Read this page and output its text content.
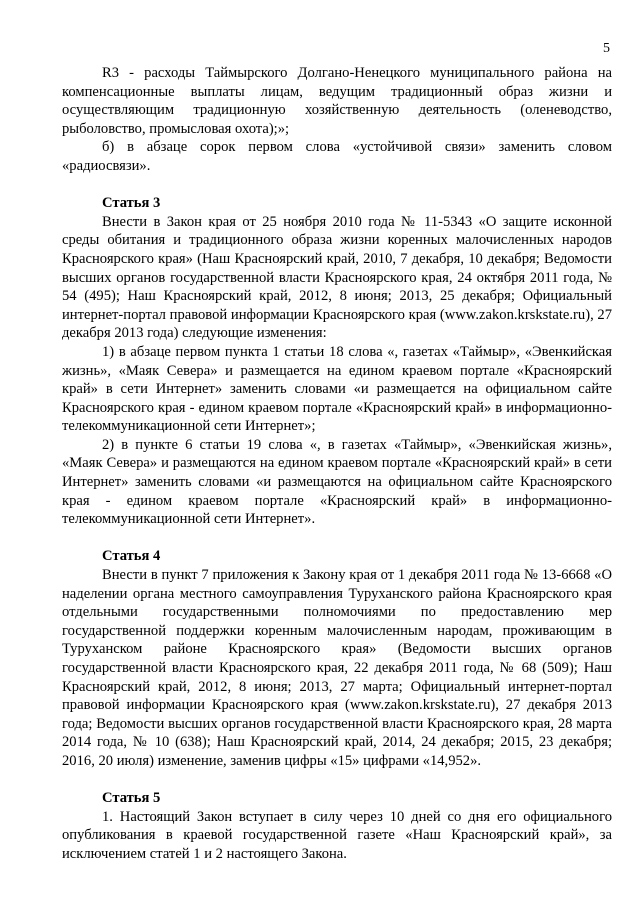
5

R3 - расходы Таймырского Долгано-Ненецкого муниципального района на компенсационные выплаты лицам, ведущим традиционный образ жизни и осуществляющим традиционную хозяйственную деятельность (оленеводство, рыболовство, промысловая охота);»;

б) в абзаце сорок первом слова «устойчивой связи» заменить словом «радиосвязи».

Статья 3

Внести в Закон края от 25 ноября 2010 года № 11-5343 «О защите исконной среды обитания и традиционного образа жизни коренных малочисленных народов Красноярского края» (Наш Красноярский край, 2010, 7 декабря, 10 декабря; Ведомости высших органов государственной власти Красноярского края, 24 октября 2011 года, № 54 (495); Наш Красноярский край, 2012, 8 июня; 2013, 25 декабря; Официальный интернет-портал правовой информации Красноярского края (www.zakon.krskstate.ru), 27 декабря 2013 года) следующие изменения:

1) в абзаце первом пункта 1 статьи 18 слова «, газетах «Таймыр», «Эвенкийская жизнь», «Маяк Севера» и размещается на едином краевом портале «Красноярский край» в сети Интернет» заменить словами «и размещается на официальном сайте Красноярского края - едином краевом портале «Красноярский край» в информационно-телекоммуникационной сети Интернет»;

2) в пункте 6 статьи 19 слова «, в газетах «Таймыр», «Эвенкийская жизнь», «Маяк Севера» и размещаются на едином краевом портале «Красноярский край» в сети Интернет» заменить словами «и размещаются на официальном сайте Красноярского края - едином краевом портале «Красноярский край» в информационно-телекоммуникационной сети Интернет».

Статья 4

Внести в пункт 7 приложения к Закону края от 1 декабря 2011 года № 13-6668 «О наделении органа местного самоуправления Туруханского района Красноярского края отдельными государственными полномочиями по предоставлению мер государственной поддержки коренным малочисленным народам, проживающим в Туруханском районе Красноярского края» (Ведомости высших органов государственной власти Красноярского края, 22 декабря 2011 года, № 68 (509); Наш Красноярский край, 2012, 8 июня; 2013, 27 марта; Официальный интернет-портал правовой информации Красноярского края (www.zakon.krskstate.ru), 27 декабря 2013 года; Ведомости высших органов государственной власти Красноярского края, 28 марта 2014 года, № 10 (638); Наш Красноярский край, 2014, 24 декабря; 2015, 23 декабря; 2016, 20 июля) изменение, заменив цифры «15» цифрами «14,952».

Статья 5

1. Настоящий Закон вступает в силу через 10 дней со дня его официального опубликования в краевой государственной газете «Наш Красноярский край», за исключением статей 1 и 2 настоящего Закона.
